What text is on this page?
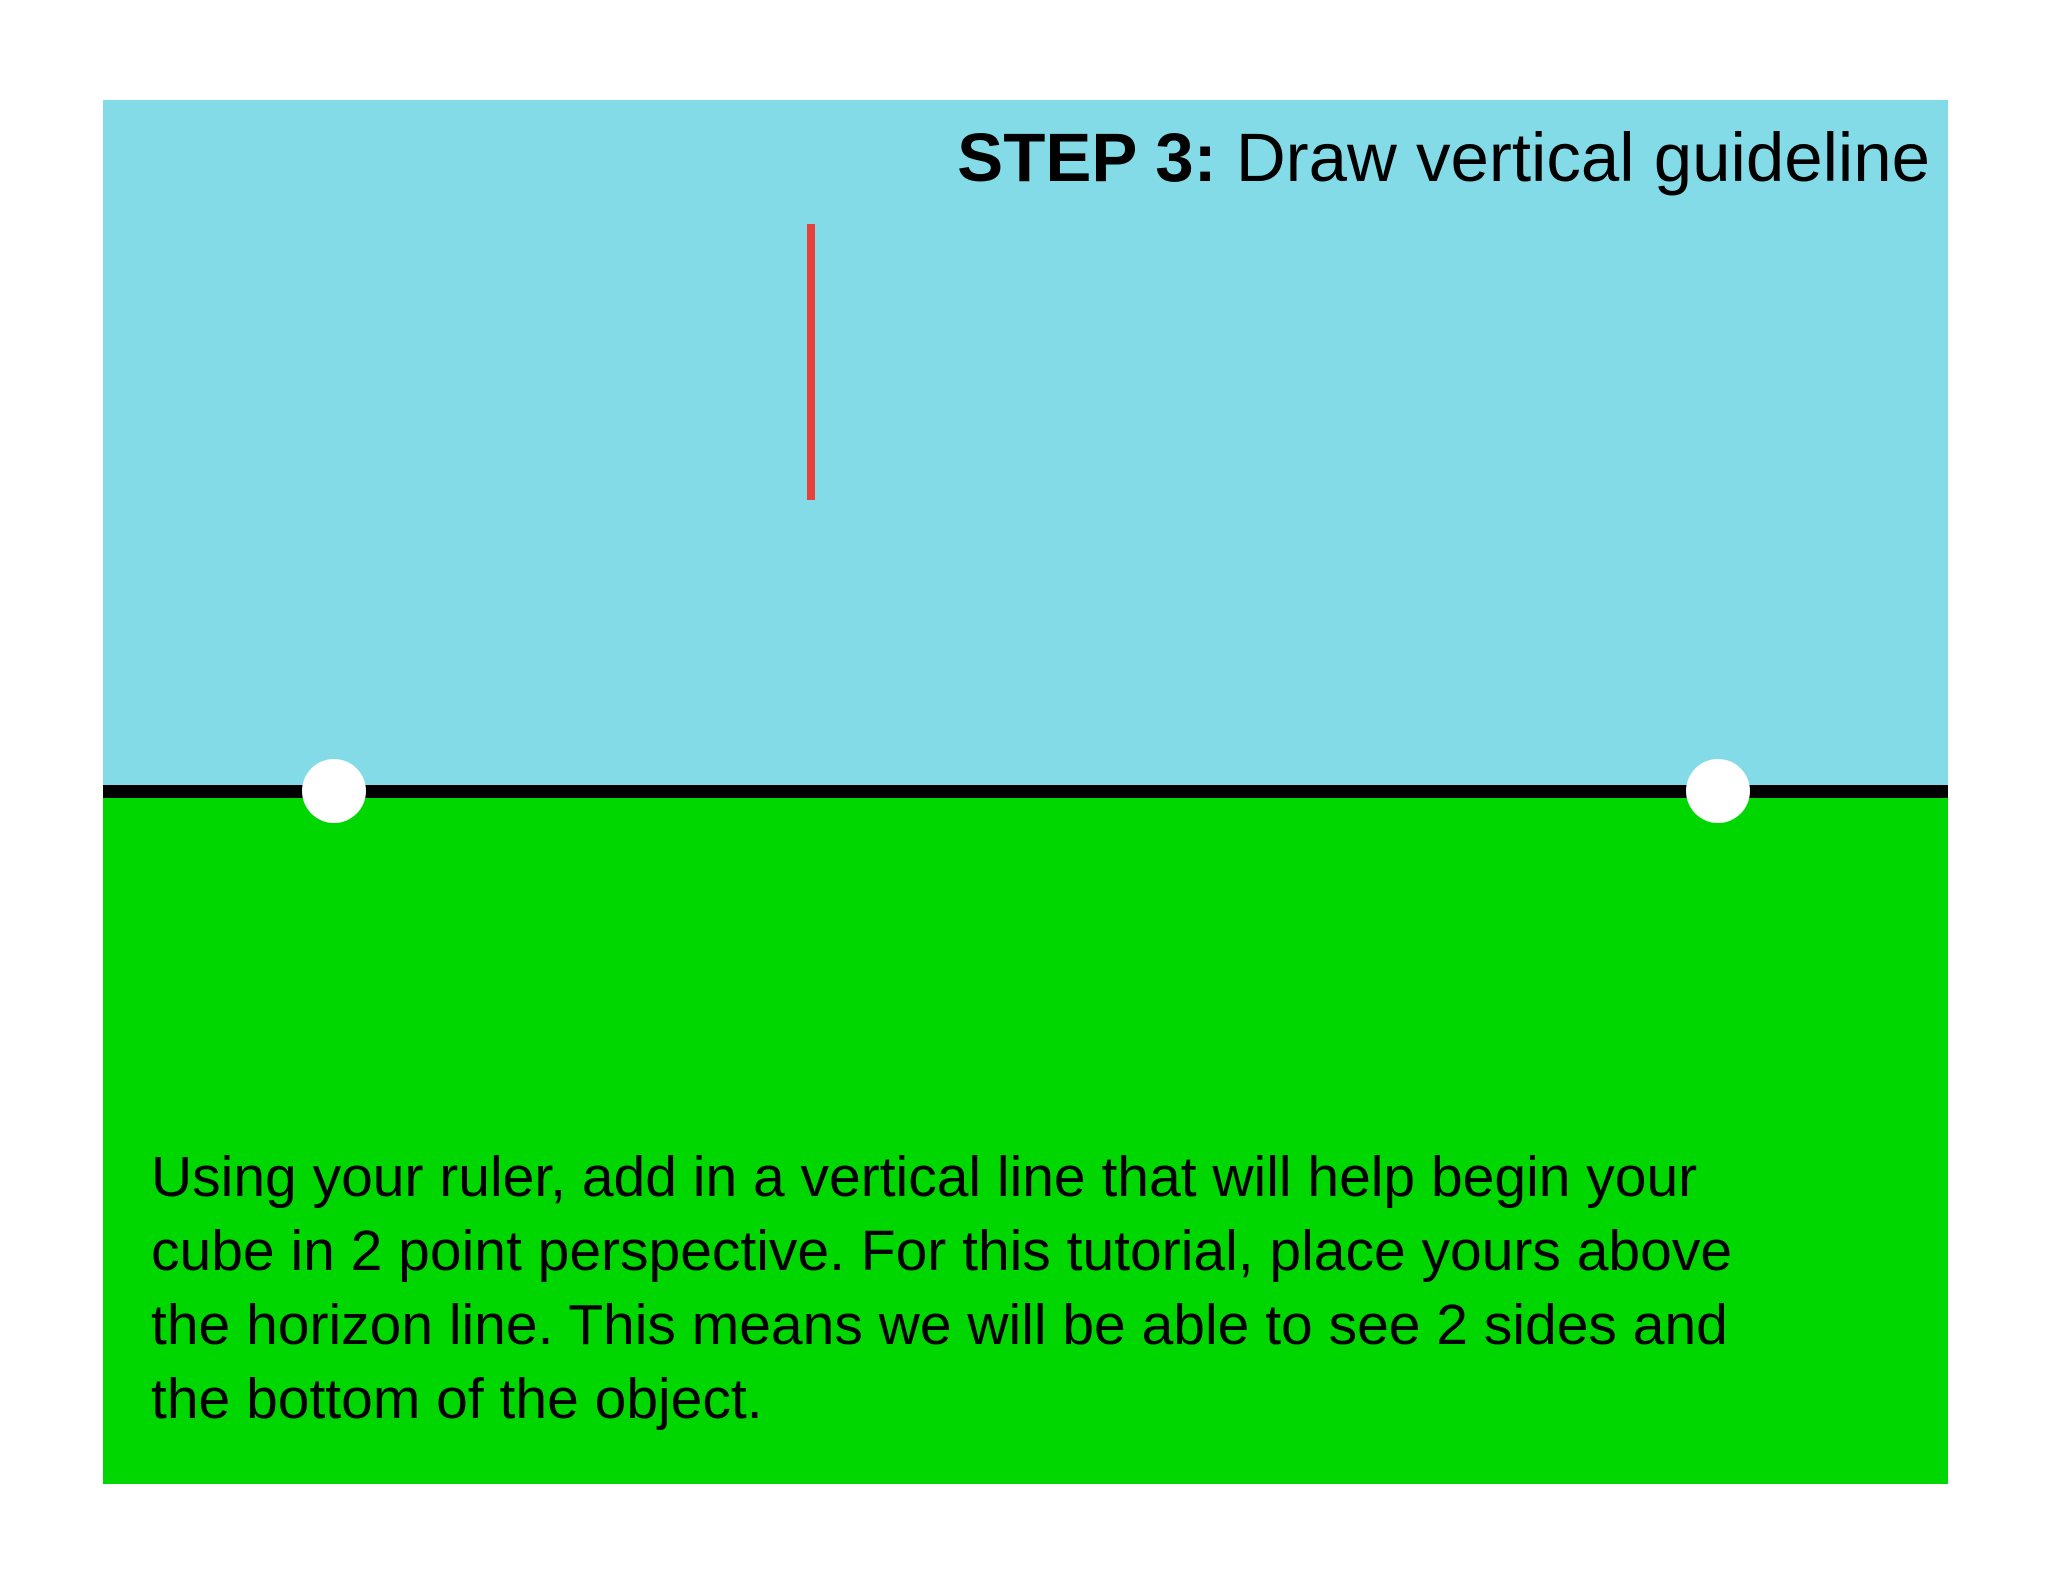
STEP 3: Draw vertical guideline
Using your ruler, add in a vertical line that will help begin your
cube in 2 point perspective. For this tutorial, place yours above
the horizon line. This means we will be able to see 2 sides and
the bottom of the object.
